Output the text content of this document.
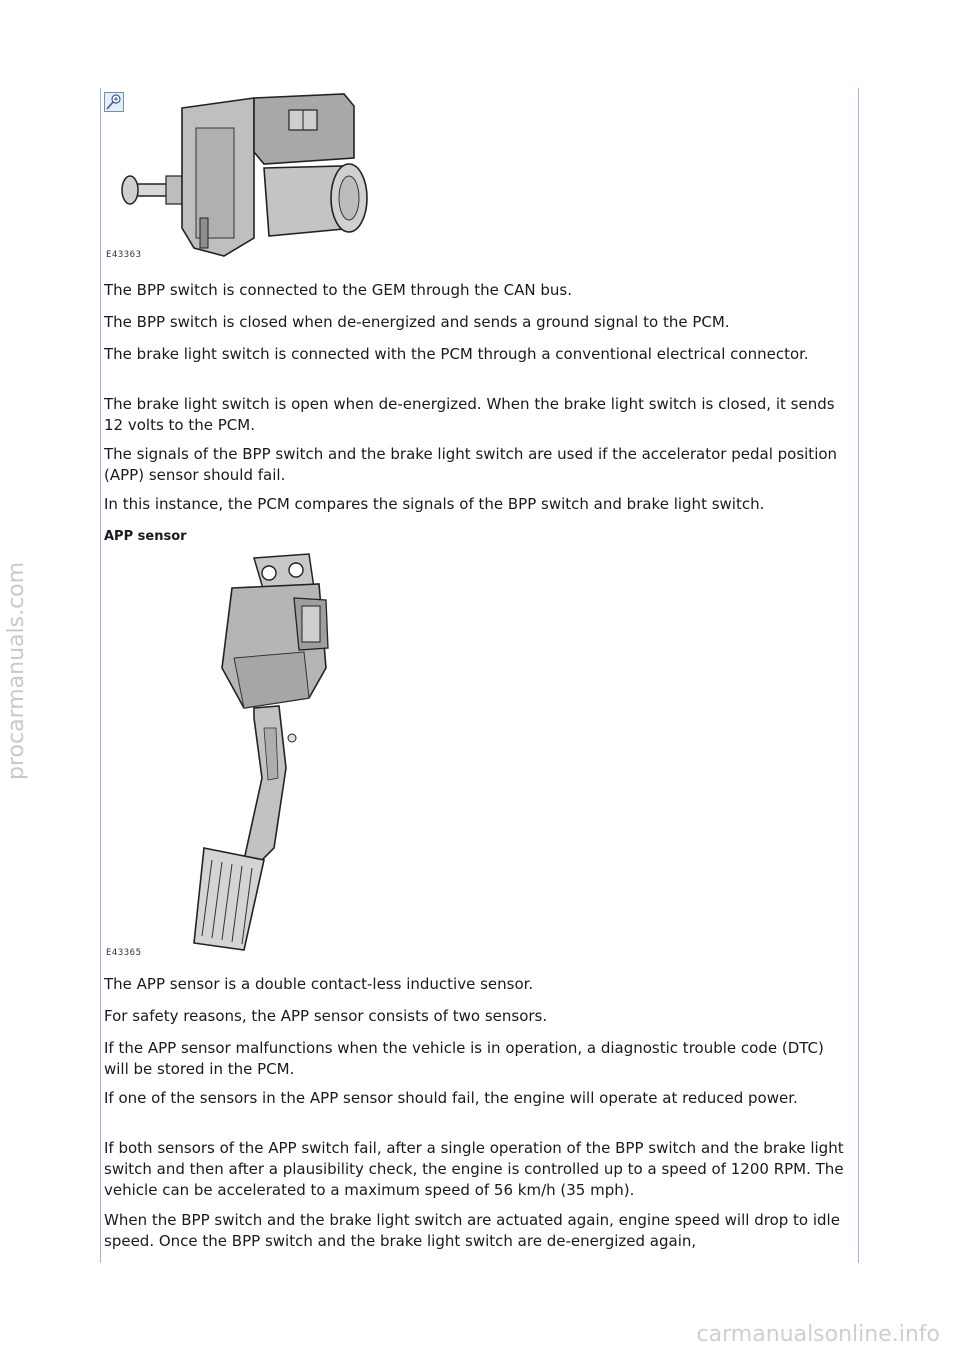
E43363

The BPP switch is connected to the GEM through the CAN bus.

The BPP switch is closed when de-energized and sends a ground signal to the PCM.

The brake light switch is connected with the PCM through a conventional electrical connector.

The brake light switch is open when de-energized. When the brake light switch is closed, it sends 12 volts to the PCM.

The signals of the BPP switch and the brake light switch are used if the accelerator pedal position (APP) sensor should fail.

In this instance, the PCM compares the signals of the BPP switch and brake light switch.

APP sensor
E43365

The APP sensor is a double contact-less inductive sensor.

For safety reasons, the APP sensor consists of two sensors.

If the APP sensor malfunctions when the vehicle is in operation, a diagnostic trouble code (DTC) will be stored in the PCM.

If one of the sensors in the APP sensor should fail, the engine will operate at reduced power.

If both sensors of the APP switch fail, after a single operation of the BPP switch and the brake light switch and then after a plausibility check, the engine is controlled up to a speed of 1200 RPM. The vehicle can be accelerated to a maximum speed of 56 km/h (35 mph).

When the BPP switch and the brake light switch are actuated again, engine speed will drop to idle speed. Once the BPP switch and the brake light switch are de-energized again,

procarmanuals.com
carmanualsonline.info
